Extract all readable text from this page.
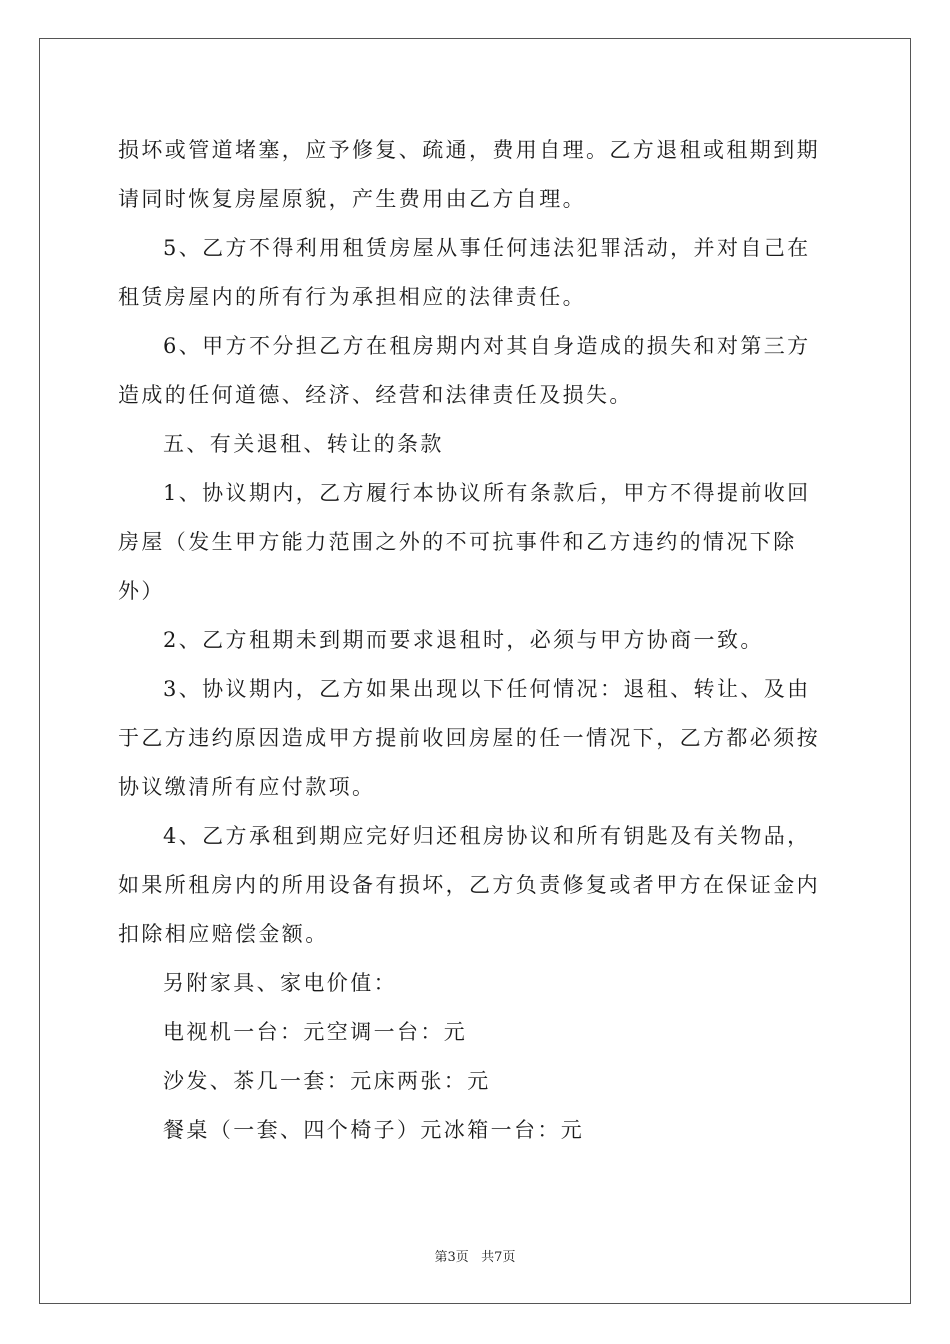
损坏或管道堵塞，应予修复、疏通，费用自理。乙方退租或租期到期
请同时恢复房屋原貌，产生费用由乙方自理。
5、乙方不得利用租赁房屋从事任何违法犯罪活动，并对自己在
租赁房屋内的所有行为承担相应的法律责任。
6、甲方不分担乙方在租房期内对其自身造成的损失和对第三方
造成的任何道德、经济、经营和法律责任及损失。
五、有关退租、转让的条款
1、协议期内，乙方履行本协议所有条款后，甲方不得提前收回
房屋（发生甲方能力范围之外的不可抗事件和乙方违约的情况下除
外）
2、乙方租期未到期而要求退租时，必须与甲方协商一致。
3、协议期内，乙方如果出现以下任何情况：退租、转让、及由
于乙方违约原因造成甲方提前收回房屋的任一情况下，乙方都必须按
协议缴清所有应付款项。
4、乙方承租到期应完好归还租房协议和所有钥匙及有关物品，
如果所租房内的所用设备有损坏，乙方负责修复或者甲方在保证金内
扣除相应赔偿金额。
另附家具、家电价值：
电视机一台：元空调一台：元
沙发、茶几一套：元床两张：元
餐桌（一套、四个椅子）元冰箱一台：元
第3页   共7页
